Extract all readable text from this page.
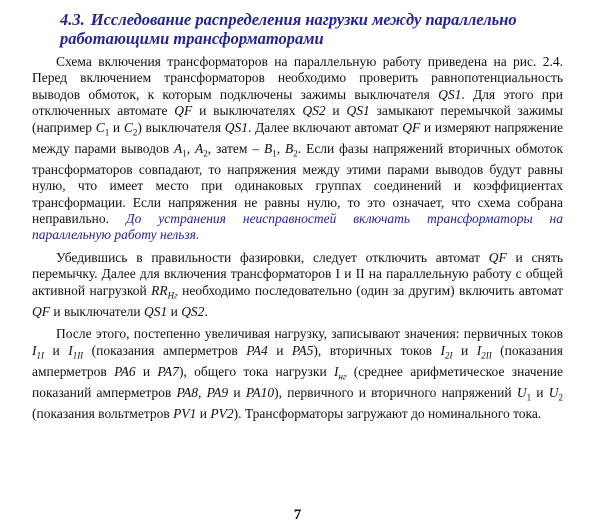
4.3. Исследование распределения нагрузки между параллельно работающими трансформаторами

Схема включения трансформаторов на параллельную работу приведена на рис. 2.4. Перед включением трансформаторов необходимо проверить равнопотенциальность выводов обмоток, к которым подключены зажимы выключателя QS1. Для этого при отключенных автомате QF и выключателях QS2 и QS1 замыкают перемычкой зажимы (например $C_1$ и $C_2$) выключателя QS1. Далее включают автомат QF и измеряют напряжение между парами выводов $A_1$, $A_2$, затем – $B_1$, $B_2$. Если фазы напряжений вторичных обмоток трансформаторов совпадают, то напряжения между этими парами выводов будут равны нулю, что имеет место при одинаковых группах соединений и коэффициентах трансформации. Если напряжения не равны нулю, то это означает, что схема собрана неправильно. До устранения неисправностей включать трансформаторы на параллельную работу нельзя.

Убедившись в правильности фазировки, следует отключить автомат QF и снять перемычку. Далее для включения трансформаторов I и II на параллельную работу с общей активной нагрузкой $RR_{Нг}$ необходимо последовательно (один за другим) включить автомат QF и выключатели QS1 и QS2.

После этого, постепенно увеличивая нагрузку, записывают значения: первичных токов $I_{1I}$ и $I_{1II}$ (показания амперметров PA4 и PA5), вторичных токов $I_{2I}$ и $I_{2II}$ (показания амперметров PA6 и PA7), общего тока нагрузки $I_{нг}$ (среднее арифметическое значение показаний амперметров PA8, PA9 и PA10), первичного и вторичного напряжений $U_1$ и $U_2$ (показания вольтметров PV1 и PV2). Трансформаторы загружают до номинального тока.

7
